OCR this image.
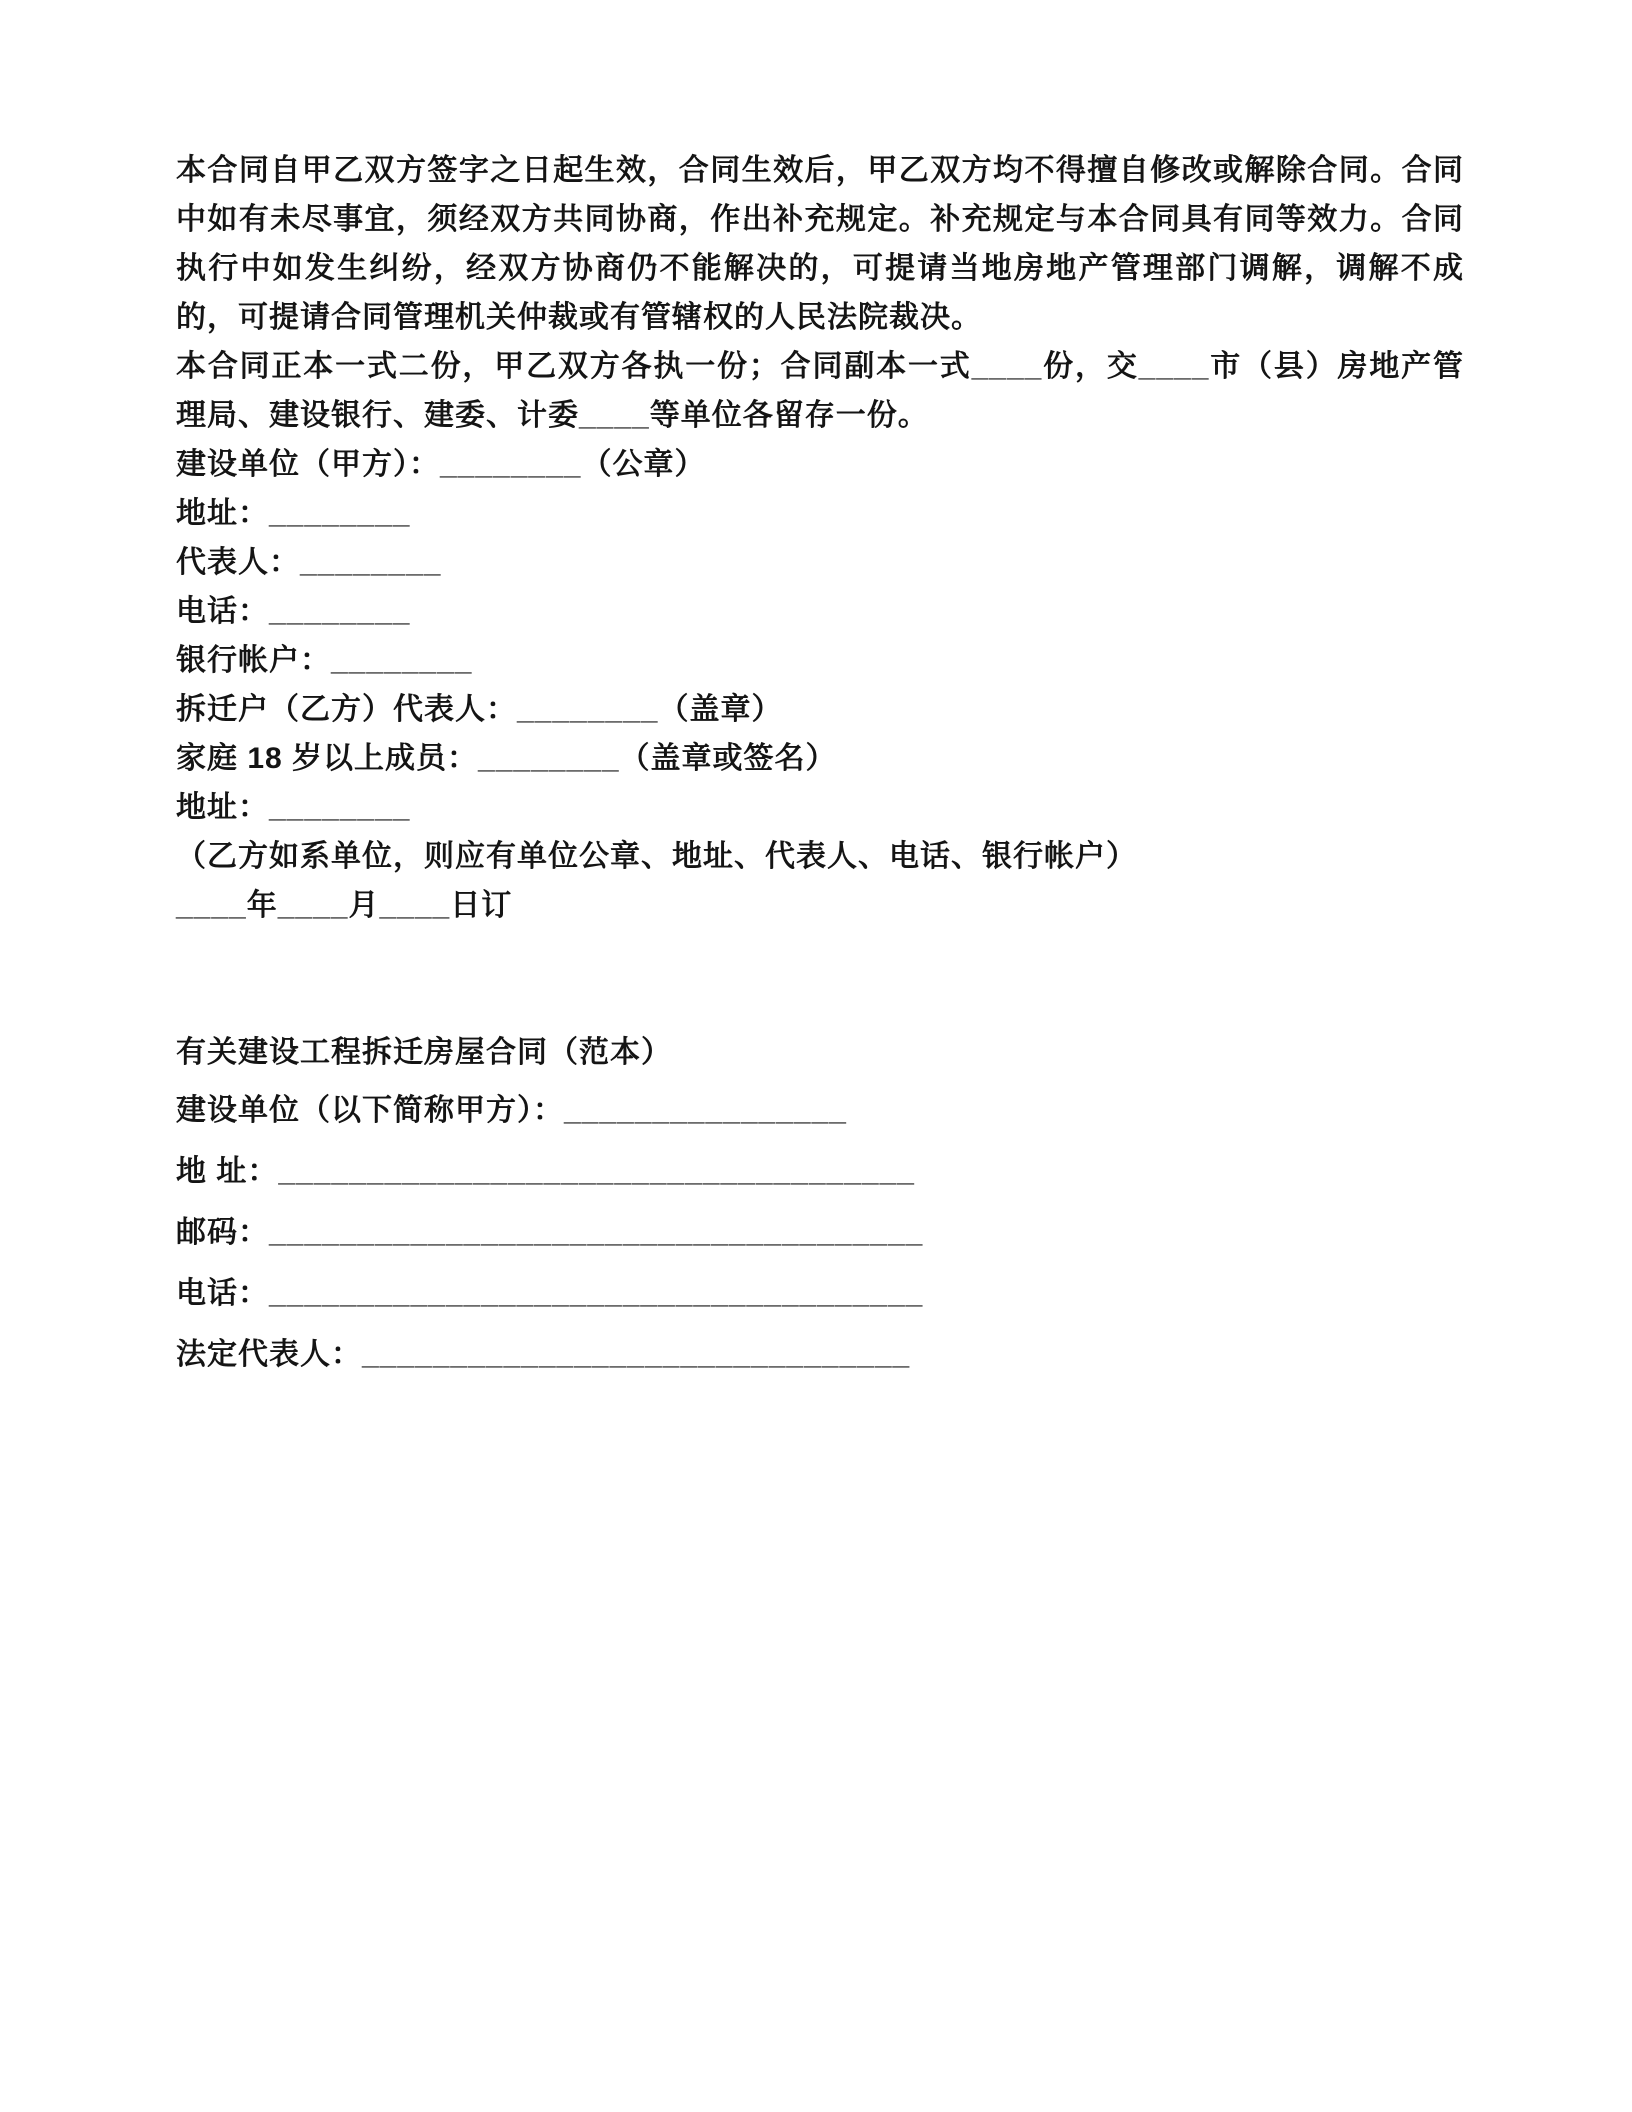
本合同自甲乙双方签字之日起生效，合同生效后，甲乙双方均不得擅自修改或解除合同。合同中如有未尽事宜，须经双方共同协商，作出补充规定。补充规定与本合同具有同等效力。合同执行中如发生纠纷，经双方协商仍不能解决的，可提请当地房地产管理部门调解，调解不成的，可提请合同管理机关仲裁或有管辖权的人民法院裁决。

本合同正本一式二份，甲乙双方各执一份；合同副本一式____份，交____市（县）房地产管理局、建设银行、建委、计委____等单位各留存一份。

建设单位（甲方）：________（公章）

地址：________

代表人：________

电话：________

银行帐户：________

拆迁户（乙方）代表人：________（盖章）

家庭 18 岁以上成员：________（盖章或签名）

地址：________

（乙方如系单位，则应有单位公章、地址、代表人、电话、银行帐户）

____年____月____日订

有关建设工程拆迁房屋合同（范本）

建设单位（以下简称甲方）：________________

地 址：____________________________________

邮码：_____________________________________

电话：_____________________________________

法定代表人：_______________________________
